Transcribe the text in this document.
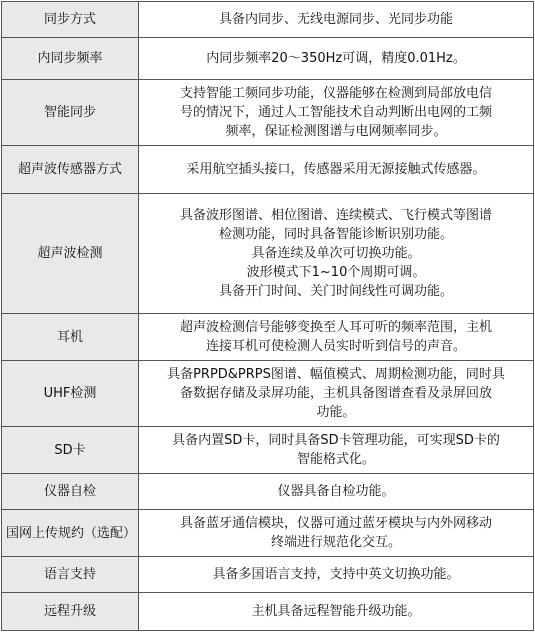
同步方式	具备内同步、无线电源同步、光同步功能

内同步频率	内同步频率20～350Hz可调，精度0.01Hz。

智能同步	支持智能工频同步功能，仪器能够在检测到局部放电信
号的情况下，通过人工智能技术自动判断出电网的工频
频率，保证检测图谱与电网频率同步。

超声波传感器方式	采用航空插头接口，传感器采用无源接触式传感器。

超声波检测	具备波形图谱、相位图谱、连续模式、飞行模式等图谱
检测功能，同时具备智能诊断识别功能。
具备连续及单次可切换功能。
波形模式下1~10个周期可调。
具备开门时间、关门时间线性可调功能。

耳机	超声波检测信号能够变换至人耳可听的频率范围，主机
连接耳机可使检测人员实时听到信号的声音。

UHF检测	具备PRPD&PRPS图谱、幅值模式、周期检测功能，同时具
备数据存储及录屏功能，主机具备图谱查看及录屏回放
功能。

SD卡	具备内置SD卡，同时具备SD卡管理功能，可实现SD卡的
智能格式化。

仪器自检	仪器具备自检功能。

国网上传规约（选配）	具备蓝牙通信模块，仪器可通过蓝牙模块与内外网移动
终端进行规范化交互。

语言支持	具备多国语言支持，支持中英文切换功能。

远程升级	主机具备远程智能升级功能。
